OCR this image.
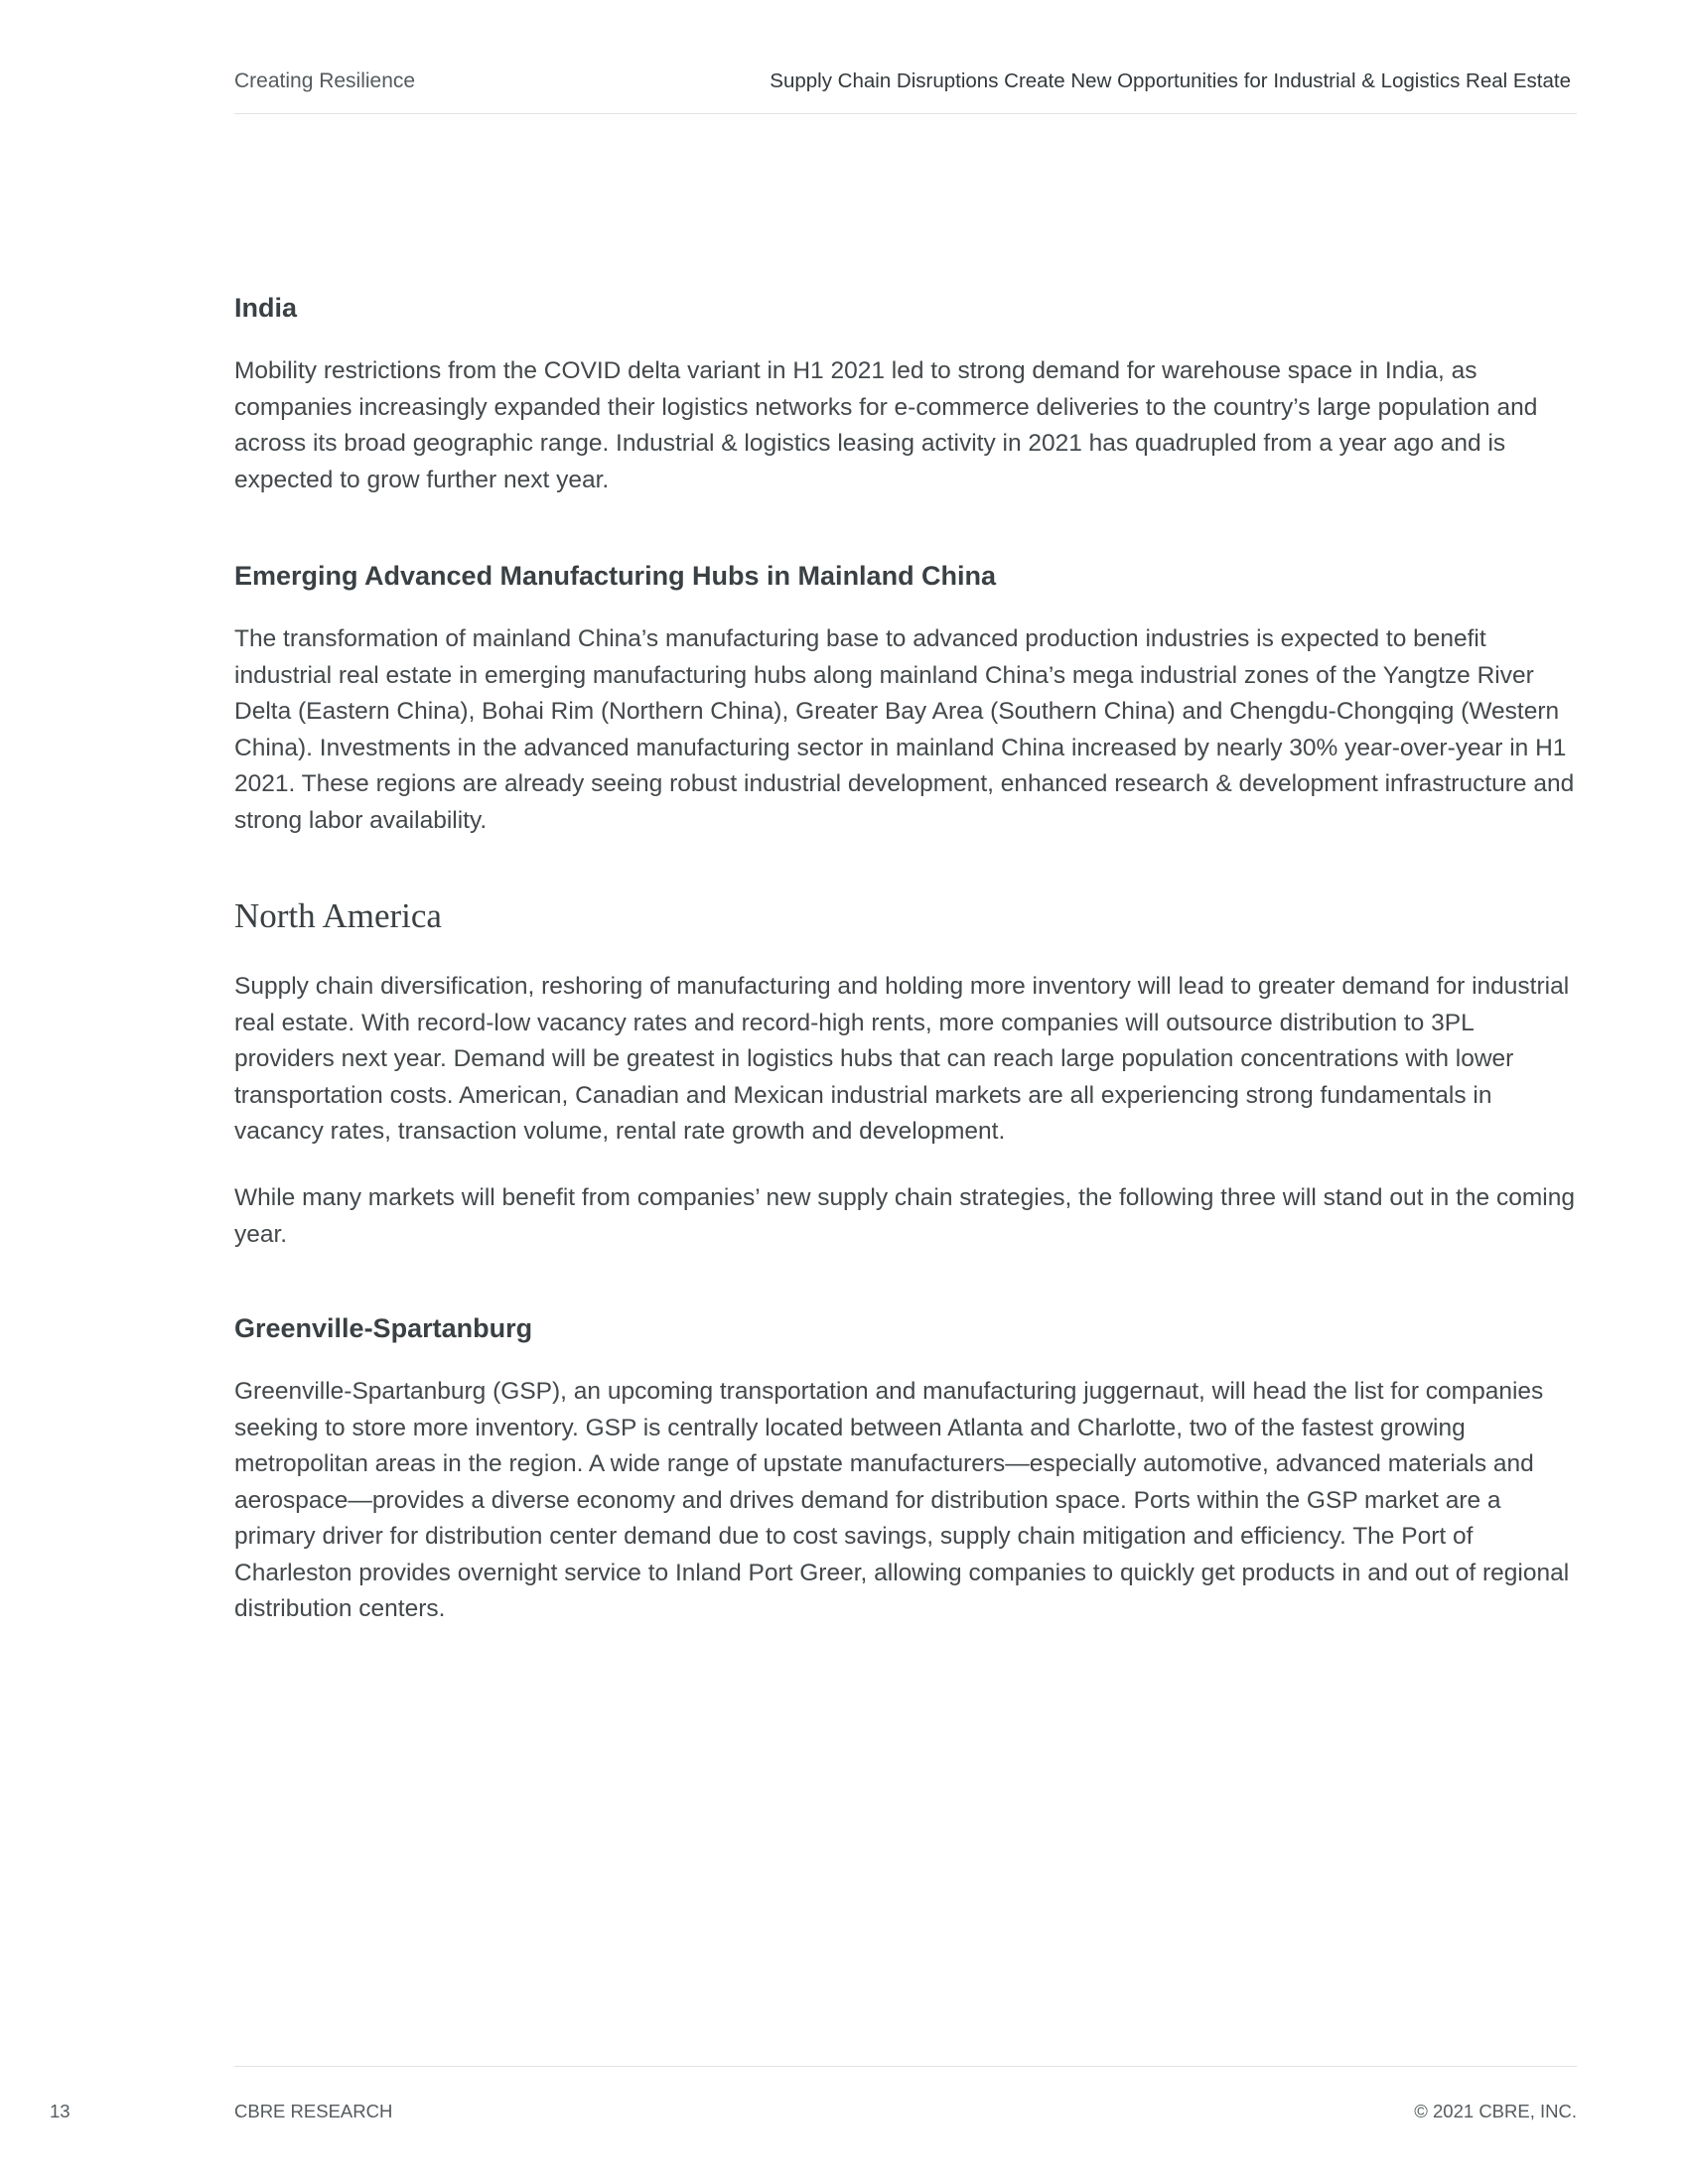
Creating Resilience	Supply Chain Disruptions Create New Opportunities for Industrial & Logistics Real Estate
India

Mobility restrictions from the COVID delta variant in H1 2021 led to strong demand for warehouse space in India, as companies increasingly expanded their logistics networks for e-commerce deliveries to the country’s large population and across its broad geographic range. Industrial & logistics leasing activity in 2021 has quadrupled from a year ago and is expected to grow further next year.

Emerging Advanced Manufacturing Hubs in Mainland China

The transformation of mainland China’s manufacturing base to advanced production industries is expected to benefit industrial real estate in emerging manufacturing hubs along mainland China’s mega industrial zones of the Yangtze River Delta (Eastern China), Bohai Rim (Northern China), Greater Bay Area (Southern China) and Chengdu-Chongqing (Western China). Investments in the advanced manufacturing sector in mainland China increased by nearly 30% year-over-year in H1 2021. These regions are already seeing robust industrial development, enhanced research & development infrastructure and strong labor availability.

North America

Supply chain diversification, reshoring of manufacturing and holding more inventory will lead to greater demand for industrial real estate. With record-low vacancy rates and record-high rents, more companies will outsource distribution to 3PL providers next year. Demand will be greatest in logistics hubs that can reach large population concentrations with lower transportation costs. American, Canadian and Mexican industrial markets are all experiencing strong fundamentals in vacancy rates, transaction volume, rental rate growth and development.

While many markets will benefit from companies’ new supply chain strategies, the following three will stand out in the coming year.

Greenville-Spartanburg

Greenville-Spartanburg (GSP), an upcoming transportation and manufacturing juggernaut, will head the list for companies seeking to store more inventory. GSP is centrally located between Atlanta and Charlotte, two of the fastest growing metropolitan areas in the region. A wide range of upstate manufacturers—especially automotive, advanced materials and aerospace—provides a diverse economy and drives demand for distribution space. Ports within the GSP market are a primary driver for distribution center demand due to cost savings, supply chain mitigation and efficiency. The Port of Charleston provides overnight service to Inland Port Greer, allowing companies to quickly get products in and out of regional distribution centers.

13	CBRE RESEARCH	© 2021 CBRE, INC.
